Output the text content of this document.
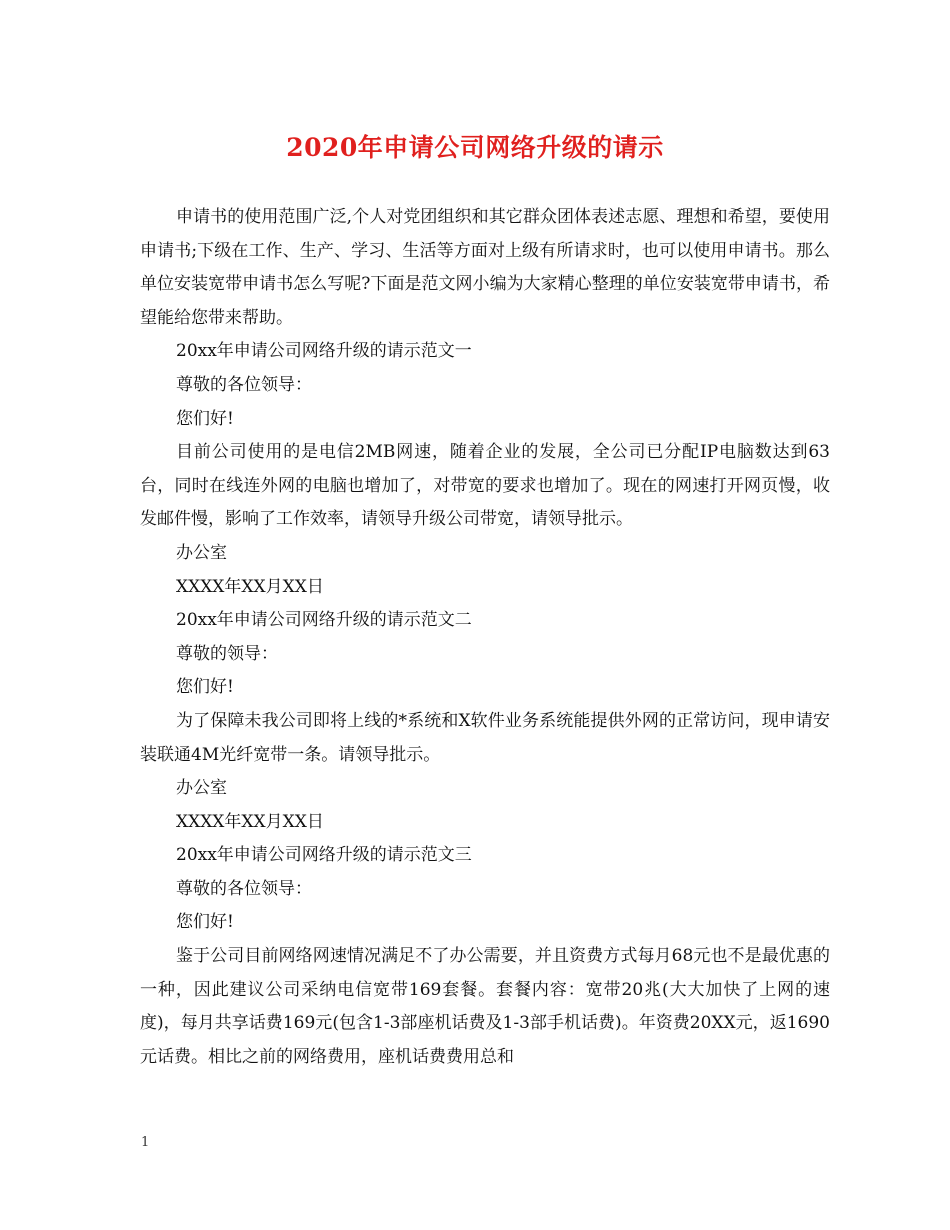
2020年申请公司网络升级的请示

申请书的使用范围广泛,个人对党团组织和其它群众团体表述志愿、理想和希望，要使用申请书;下级在工作、生产、学习、生活等方面对上级有所请求时，也可以使用申请书。那么单位安装宽带申请书怎么写呢?下面是范文网小编为大家精心整理的单位安装宽带申请书，希望能给您带来帮助。

20xx年申请公司网络升级的请示范文一

尊敬的各位领导：

您们好!

目前公司使用的是电信2MB网速，随着企业的发展，全公司已分配IP电脑数达到63台，同时在线连外网的电脑也增加了，对带宽的要求也增加了。现在的网速打开网页慢，收发邮件慢，影响了工作效率，请领导升级公司带宽，请领导批示。

办公室

XXXX年XX月XX日

20xx年申请公司网络升级的请示范文二

尊敬的领导：

您们好!

为了保障未我公司即将上线的*系统和X软件业务系统能提供外网的正常访问，现申请安装联通4M光纤宽带一条。请领导批示。

办公室

XXXX年XX月XX日

20xx年申请公司网络升级的请示范文三

尊敬的各位领导：

您们好!

鉴于公司目前网络网速情况满足不了办公需要，并且资费方式每月68元也不是最优惠的一种，因此建议公司采纳电信宽带169套餐。套餐内容：宽带20兆(大大加快了上网的速度)，每月共享话费169元(包含1-3部座机话费及1-3部手机话费)。年资费20XX元，返1690元话费。相比之前的网络费用，座机话费费用总和

1
